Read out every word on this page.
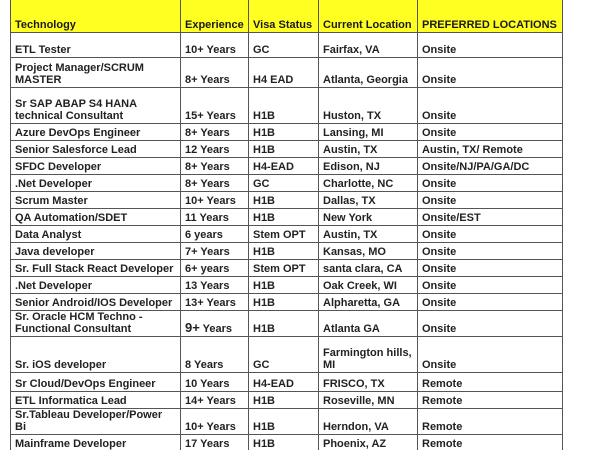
Technology	Experience	Visa Status	Current Location	PREFERRED LOCATIONS
ETL Tester	10+ Years	GC	Fairfax, VA	Onsite
Project Manager/SCRUM MASTER	8+ Years	H4 EAD	Atlanta, Georgia	Onsite
Sr SAP ABAP S4 HANA technical Consultant	15+ Years	H1B	Huston, TX	Onsite
Azure DevOps Engineer	8+ Years	H1B	Lansing, MI	Onsite
Senior Salesforce Lead	12 Years	H1B	Austin, TX	Austin, TX/ Remote
SFDC Developer	8+ Years	H4-EAD	Edison, NJ	Onsite/NJ/PA/GA/DC
.Net Developer	8+ Years	GC	Charlotte, NC	Onsite
Scrum Master	10+ Years	H1B	Dallas, TX	Onsite
QA Automation/SDET	11 Years	H1B	New York	Onsite/EST
Data Analyst	6 years	Stem OPT	Austin, TX	Onsite
Java developer	7+ Years	H1B	Kansas, MO	Onsite
Sr. Full Stack React Developer	6+ years	Stem OPT	santa clara, CA	Onsite
.Net Developer	13 Years	H1B	Oak Creek, WI	Onsite
Senior Android/IOS Developer	13+ Years	H1B	Alpharetta, GA	Onsite
Sr. Oracle HCM Techno - Functional Consultant	9+ Years	H1B	Atlanta GA	Onsite
Sr. iOS developer	8 Years	GC	Farmington hills, MI	Onsite
Sr Cloud/DevOps Engineer	10 Years	H4-EAD	FRISCO, TX	Remote
ETL Informatica Lead	14+ Years	H1B	Roseville, MN	Remote
Sr.Tableau Developer/Power Bi	10+ Years	H1B	Herndon, VA	Remote
Mainframe Developer	17 Years	H1B	Phoenix, AZ	Remote
